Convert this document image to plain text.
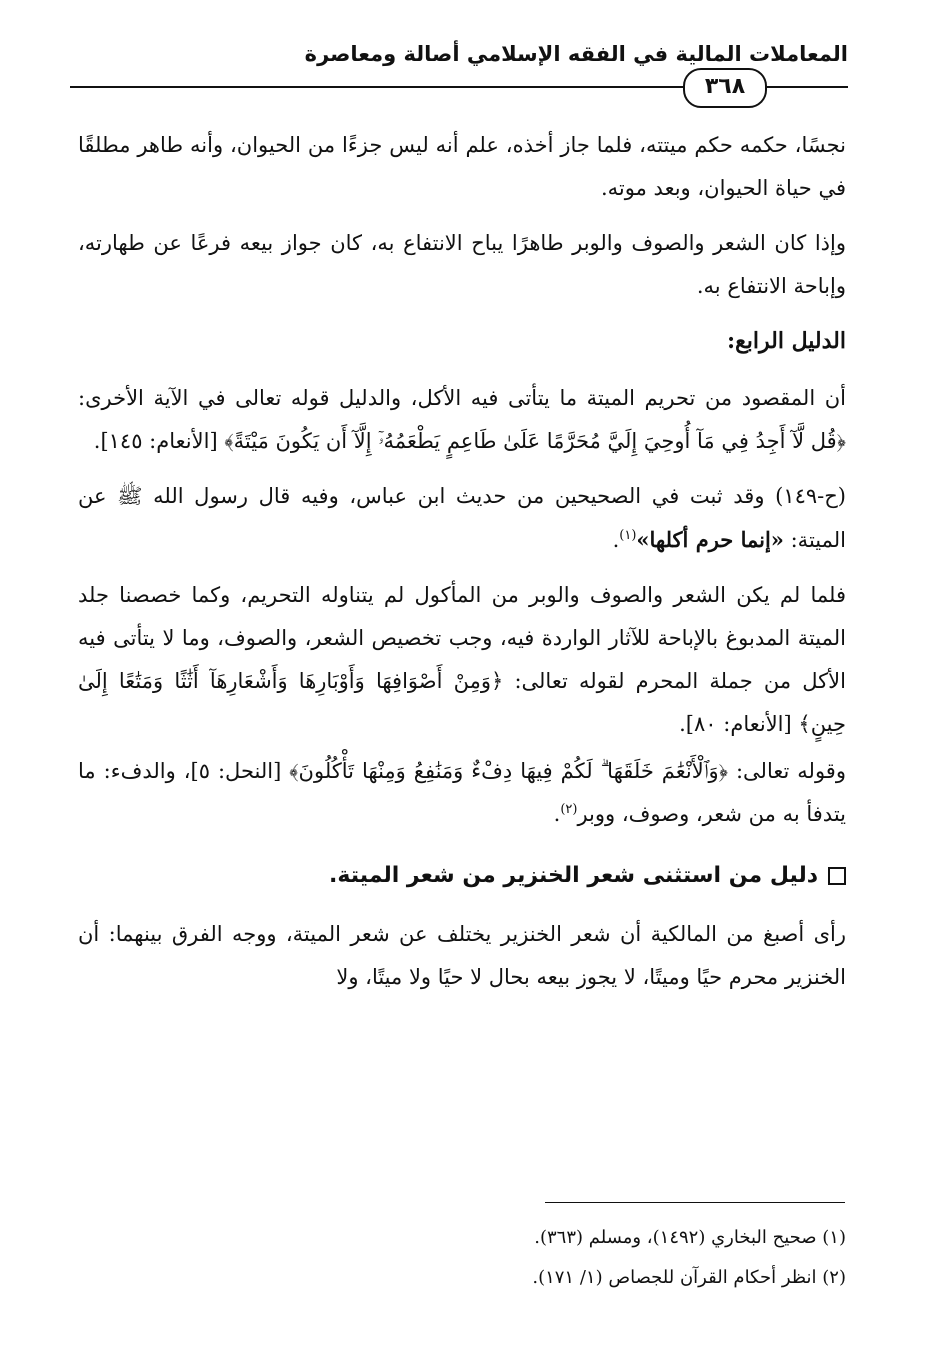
المعاملات المالية في الفقه الإسلامي أصالة ومعاصرة
٣٦٨

نجسًا، حكمه حكم ميتته، فلما جاز أخذه، علم أنه ليس جزءًا من الحيوان، وأنه طاهر مطلقًا في حياة الحيوان، وبعد موته.

وإذا كان الشعر والصوف والوبر طاهرًا يباح الانتفاع به، كان جواز بيعه فرعًا عن طهارته، وإباحة الانتفاع به.

الدليل الرابع:

أن المقصود من تحريم الميتة ما يتأتى فيه الأكل، والدليل قوله تعالى في الآية الأخرى: ﴿قُل لَّآ أَجِدُ فِي مَآ أُوحِيَ إِلَيَّ مُحَرَّمًا عَلَىٰ طَاعِمٍ يَطْعَمُهُۥٓ إِلَّآ أَن يَكُونَ مَيْتَةً﴾ [الأنعام: ١٤٥].

(ح-١٤٩) وقد ثبت في الصحيحين من حديث ابن عباس، وفيه قال رسول الله ﷺ عن الميتة: «إنما حرم أكلها»$^{(١)}$.

فلما لم يكن الشعر والصوف والوبر من المأكول لم يتناوله التحريم، وكما خصصنا جلد الميتة المدبوغ بالإباحة للآثار الواردة فيه، وجب تخصيص الشعر، والصوف، وما لا يتأتى فيه الأكل من جملة المحرم لقوله تعالى: ﴿وَمِنْ أَصْوَافِهَا وَأَوْبَارِهَا وَأَشْعَارِهَآ أَثَٰثًا وَمَتَٰعًا إِلَىٰ حِينٍ﴾ [الأنعام: ٨٠].

وقوله تعالى: ﴿وَٱلْأَنْعَٰمَ خَلَقَهَا ۗ لَكُمْ فِيهَا دِفْءٌ وَمَنَٰفِعُ وَمِنْهَا تَأْكُلُونَ﴾ [النحل: ٥]، والدفء: ما يتدفأ به من شعر، وصوف، ووبر$^{(٢)}$.

دليل من استثنى شعر الخنزير من شعر الميتة.

رأى أصبغ من المالكية أن شعر الخنزير يختلف عن شعر الميتة، ووجه الفرق بينهما: أن الخنزير محرم حيًا وميتًا، لا يجوز بيعه بحال لا حيًا ولا ميتًا، ولا

(١) صحيح البخاري (١٤٩٢)، ومسلم (٣٦٣).
(٢) انظر أحكام القرآن للجصاص (١/ ١٧١).
